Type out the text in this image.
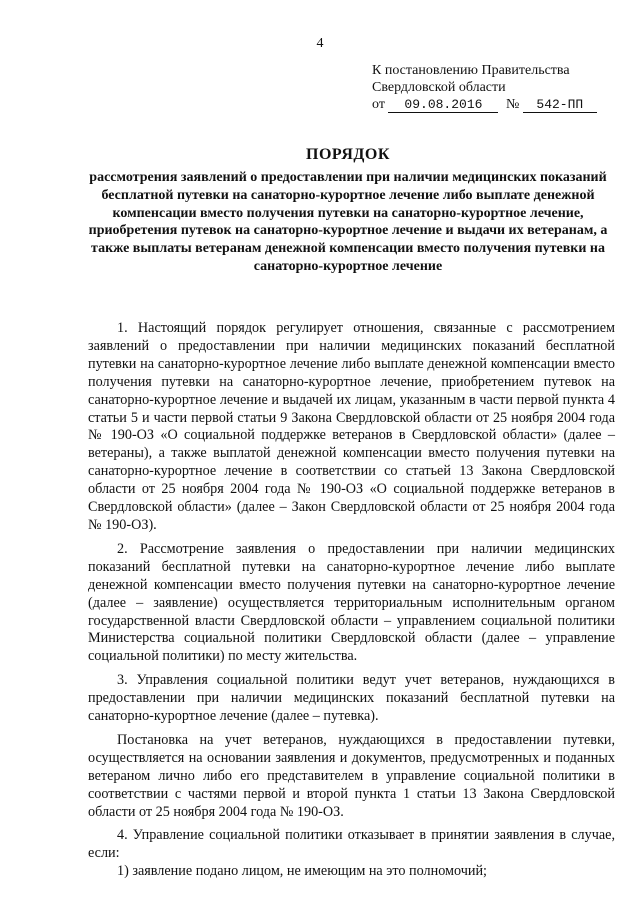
4
К постановлению Правительства
Свердловской области
от 09.08.2016 № 542-ПП
ПОРЯДОК

рассмотрения заявлений о предоставлении при наличии медицинских показаний бесплатной путевки на санаторно-курортное лечение либо выплате денежной компенсации вместо получения путевки на санаторно-курортное лечение, приобретения путевок на санаторно-курортное лечение и выдачи их ветеранам, а также выплаты ветеранам денежной компенсации вместо получения путевки на санаторно-курортное лечение

1. Настоящий порядок регулирует отношения, связанные с рассмотрением заявлений о предоставлении при наличии медицинских показаний бесплатной путевки на санаторно-курортное лечение либо выплате денежной компенсации вместо получения путевки на санаторно-курортное лечение, приобретением путевок на санаторно-курортное лечение и выдачей их лицам, указанным в части первой пункта 4 статьи 5 и части первой статьи 9 Закона Свердловской области от 25 ноября 2004 года № 190-ОЗ «О социальной поддержке ветеранов в Свердловской области» (далее – ветераны), а также выплатой денежной компенсации вместо получения путевки на санаторно-курортное лечение в соответствии со статьей 13 Закона Свердловской области от 25 ноября 2004 года № 190-ОЗ «О социальной поддержке ветеранов в Свердловской области» (далее – Закон Свердловской области от 25 ноября 2004 года № 190-ОЗ).

2. Рассмотрение заявления о предоставлении при наличии медицинских показаний бесплатной путевки на санаторно-курортное лечение либо выплате денежной компенсации вместо получения путевки на санаторно-курортное лечение (далее – заявление) осуществляется территориальным исполнительным органом государственной власти Свердловской области – управлением социальной политики Министерства социальной политики Свердловской области (далее – управление социальной политики) по месту жительства.

3. Управления социальной политики ведут учет ветеранов, нуждающихся в предоставлении при наличии медицинских показаний бесплатной путевки на санаторно-курортное лечение (далее – путевка).

Постановка на учет ветеранов, нуждающихся в предоставлении путевки, осуществляется на основании заявления и документов, предусмотренных и поданных ветераном лично либо его представителем в управление социальной политики в соответствии с частями первой и второй пункта 1 статьи 13 Закона Свердловской области от 25 ноября 2004 года № 190-ОЗ.

4. Управление социальной политики отказывает в принятии заявления в случае, если:

1) заявление подано лицом, не имеющим на это полномочий;
